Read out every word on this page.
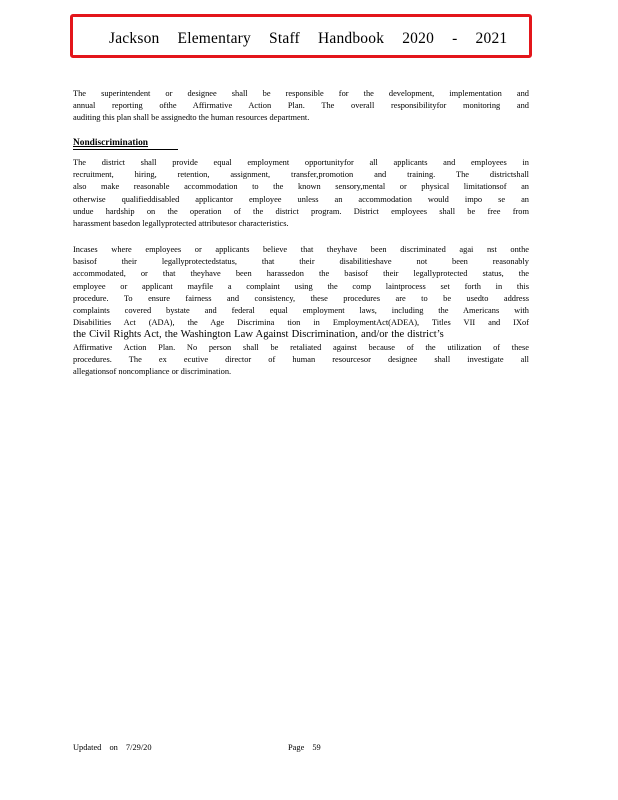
Jackson Elementary Staff Handbook 2020 - 2021
The superintendent or designee shall be responsible for the development, implementation and
annual reporting ofthe Affirmative Action Plan. The overall responsibilityfor monitoring and
auditing this plan shall be assignedto the human resources department.
Nondiscrimination
The district shall provide equal employment opportunityfor all applicants and employees in
recruitment, hiring, retention, assignment, transfer,promotion and training. The districtshall
also make reasonable accommodation to the known sensory,mental or physical limitationsof an
otherwise qualifieddisabled applicantor employee unless an accommodation would impo se an
undue hardship on the operation of the district program. District employees shall be free from
harassment basedon legallyprotected attributesor characteristics.
Incases where employees or applicants believe that theyhave been discriminated agai nst onthe
basisof their legallyprotectedstatus, that their disabilitieshave not been reasonably
accommodated, or that theyhave been harassedon the basisof their legallyprotected status, the
employee or applicant mayfile a complaint using the comp laintprocess set forth in this
procedure. To ensure fairness and consistency, these procedures are to be usedto address
complaints covered bystate and federal equal employment laws, including the Americans with
Disabilities Act (ADA), the Age Discrimina tion in EmploymentAct(ADEA), Titles VII and IXof
the Civil Rights Act, the Washington Law Against Discrimination, and/or the district’s
Affirmative Action Plan. No person shall be retaliated against because of the utilization of these
procedures. The ex ecutive director of human resourcesor designee shall investigate all
allegationsof noncompliance or discrimination.
Updated on 7/29/20	Page 59
